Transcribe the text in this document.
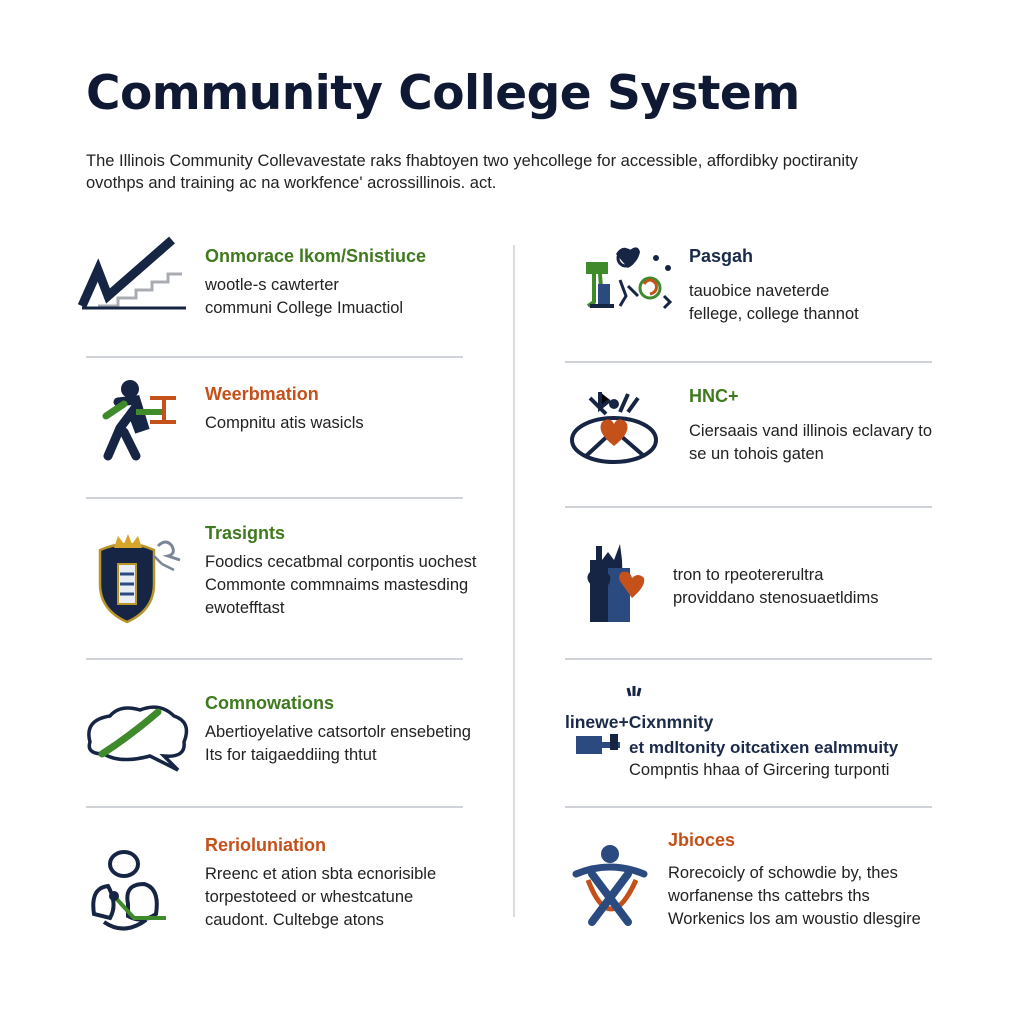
Community College System
The Illinois Community Collevavestate raks fhabtoyen two yehcollege for accessible, affordibky poctiranity
ovothps and training ac na workfence' acrossillinois. act.
Onmorace lkom/Snistiuce
wootle-s cawterter
communi College Imuactiol
Weerbmation
Compnitu atis wasicls
Trasignts
Foodics cecatbmal corpontis uochest
Commonte commnaims mastesding
ewotefftast
Comnowations
Abertioyelative catsortolr ensebeting
Its for taigaeddiing thtut
Rerioluniation
Rreenc et ation sbta ecnorisible
torpestoteed or whestcatune
caudont. Cultebge atons
Pasgah
tauobice naveterde
fellege, college thannot
HNC+
Ciersaais vand illinois eclavary to
se un tohois gaten
tron to rpeotererultra
providdano stenosuaetldims
linewe+Cixnmnity
et mdltonity oitcatixen ealmmuity
Compntis hhaa of Gircering turponti
Jbioces
Rorecoicly of schowdie by, thes
worfanense ths cattebrs ths
Workenics los am woustio dlesgire
